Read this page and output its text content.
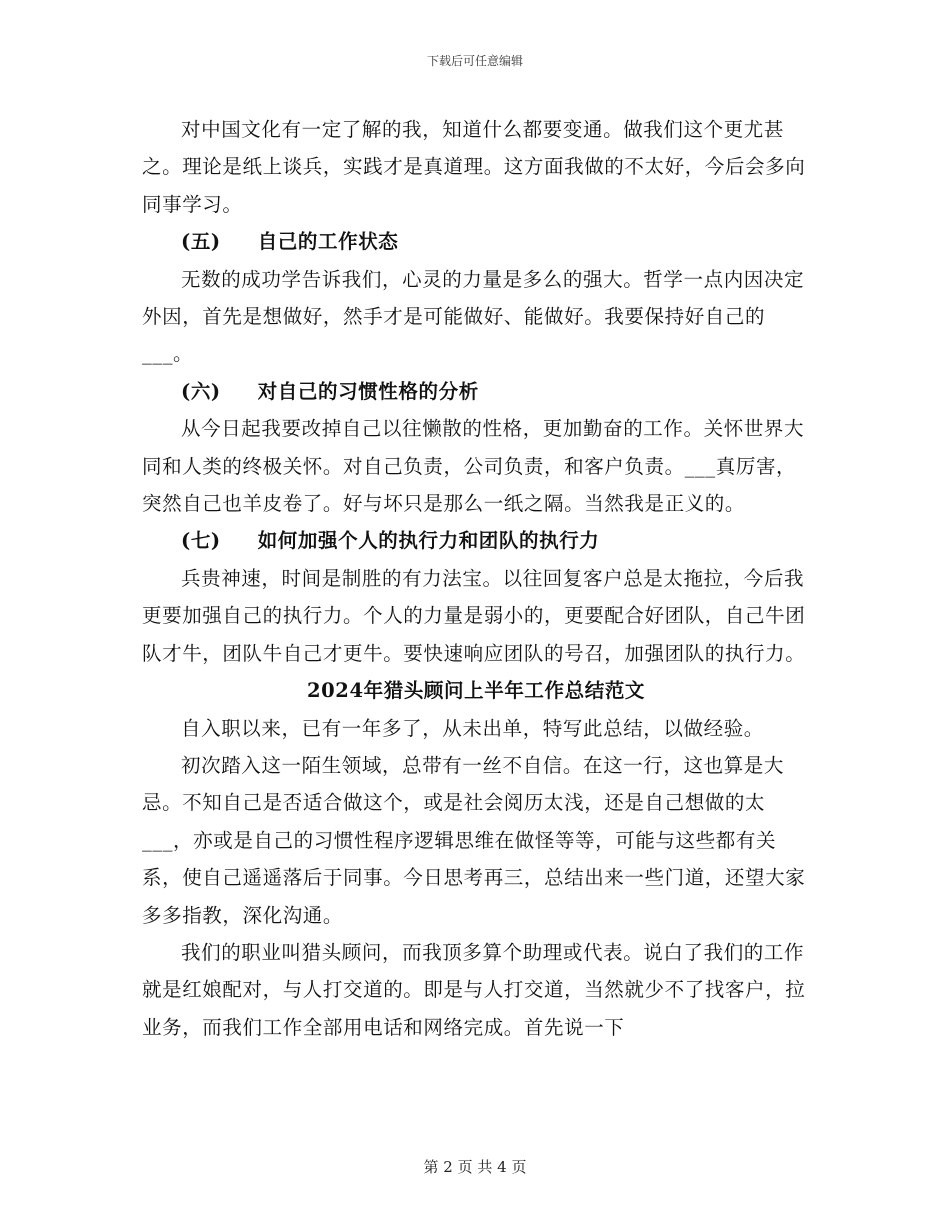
下载后可任意编辑

对中国文化有一定了解的我，知道什么都要变通。做我们这个更尤甚之。理论是纸上谈兵，实践才是真道理。这方面我做的不太好，今后会多向同事学习。

(五)     自己的工作状态

无数的成功学告诉我们，心灵的力量是多么的强大。哲学一点内因决定外因，首先是想做好，然手才是可能做好、能做好。我要保持好自己的___。

(六)     对自己的习惯性格的分析

从今日起我要改掉自己以往懒散的性格，更加勤奋的工作。关怀世界大同和人类的终极关怀。对自己负责，公司负责，和客户负责。___真厉害，突然自己也羊皮卷了。好与坏只是那么一纸之隔。当然我是正义的。

(七)     如何加强个人的执行力和团队的执行力

兵贵神速，时间是制胜的有力法宝。以往回复客户总是太拖拉，今后我更要加强自己的执行力。个人的力量是弱小的，更要配合好团队，自己牛团队才牛，团队牛自己才更牛。要快速响应团队的号召，加强团队的执行力。

2024年猎头顾问上半年工作总结范文

自入职以来，已有一年多了，从未出单，特写此总结，以做经验。

初次踏入这一陌生领域，总带有一丝不自信。在这一行，这也算是大忌。不知自己是否适合做这个，或是社会阅历太浅，还是自己想做的太___，亦或是自己的习惯性程序逻辑思维在做怪等等，可能与这些都有关系，使自己遥遥落后于同事。今日思考再三，总结出来一些门道，还望大家多多指教，深化沟通。

我们的职业叫猎头顾问，而我顶多算个助理或代表。说白了我们的工作就是红娘配对，与人打交道的。即是与人打交道，当然就少不了找客户，拉业务，而我们工作全部用电话和网络完成。首先说一下

第 2 页 共 4 页
